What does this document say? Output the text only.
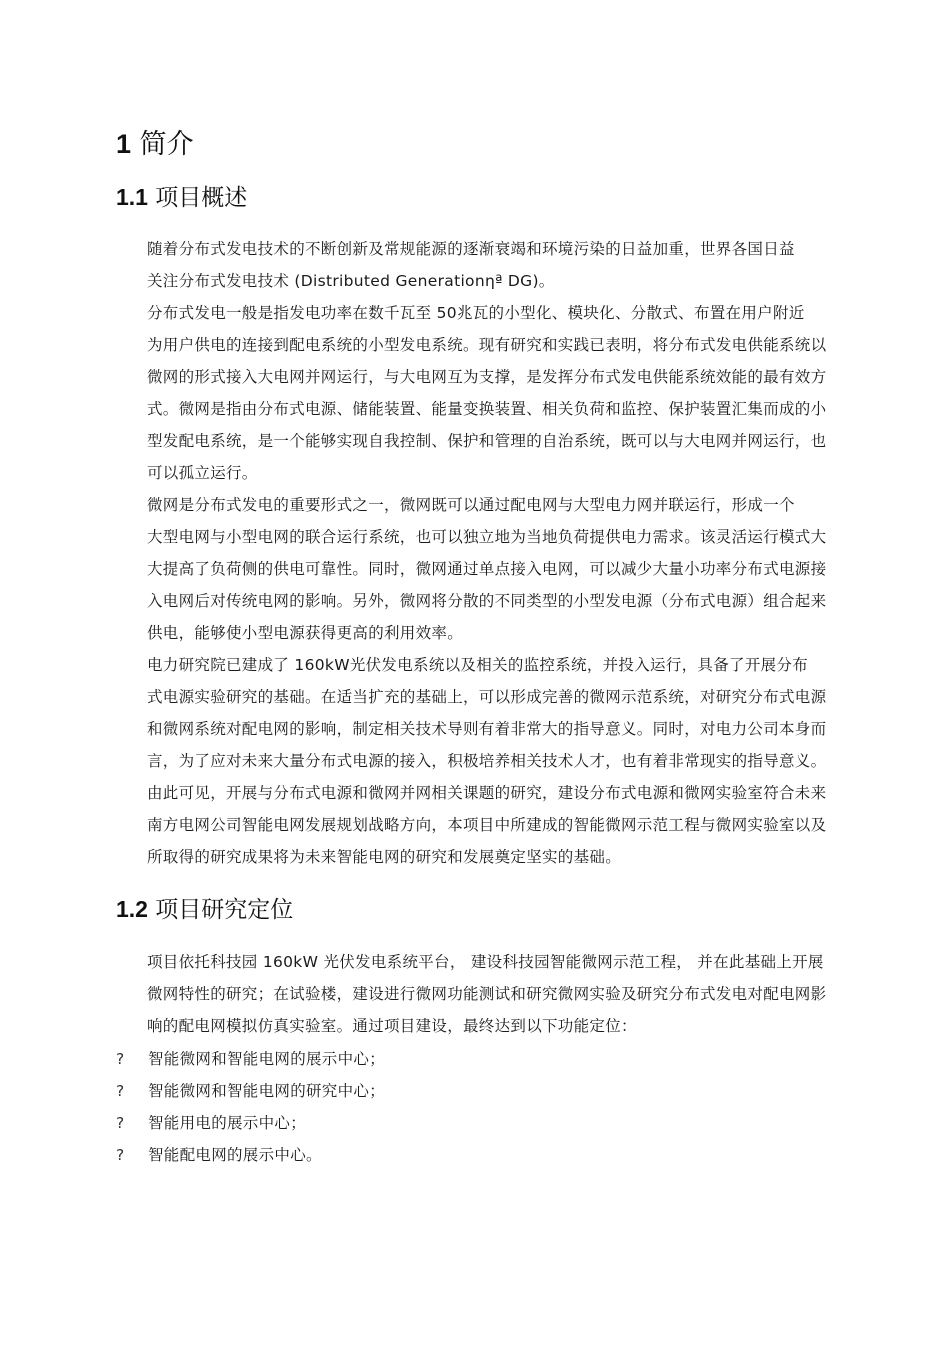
1 简介
1.1 项目概述

随着分布式发电技术的不断创新及常规能源的逐渐衰竭和环境污染的日益加重，世界各国日益
关注分布式发电技术 (Distributed Generationηª DG)。

分布式发电一般是指发电功率在数千瓦至 50兆瓦的小型化、模块化、分散式、布置在用户附近
为用户供电的连接到配电系统的小型发电系统。现有研究和实践已表明，将分布式发电供能系统以
微网的形式接入大电网并网运行，与大电网互为支撑，是发挥分布式发电供能系统效能的最有效方
式。微网是指由分布式电源、储能装置、能量变换装置、相关负荷和监控、保护装置汇集而成的小
型发配电系统，是一个能够实现自我控制、保护和管理的自治系统，既可以与大电网并网运行，也
可以孤立运行。

微网是分布式发电的重要形式之一，微网既可以通过配电网与大型电力网并联运行，形成一个
大型电网与小型电网的联合运行系统，也可以独立地为当地负荷提供电力需求。该灵活运行模式大
大提高了负荷侧的供电可靠性。同时，微网通过单点接入电网，可以减少大量小功率分布式电源接
入电网后对传统电网的影响。另外，微网将分散的不同类型的小型发电源（分布式电源）组合起来
供电，能够使小型电源获得更高的利用效率。

电力研究院已建成了 160kW光伏发电系统以及相关的监控系统，并投入运行，具备了开展分布
式电源实验研究的基础。在适当扩充的基础上，可以形成完善的微网示范系统，对研究分布式电源
和微网系统对配电网的影响，制定相关技术导则有着非常大的指导意义。同时，对电力公司本身而
言，为了应对未来大量分布式电源的接入，积极培养相关技术人才，也有着非常现实的指导意义。
由此可见，开展与分布式电源和微网并网相关课题的研究，建设分布式电源和微网实验室符合未来
南方电网公司智能电网发展规划战略方向，本项目中所建成的智能微网示范工程与微网实验室以及
所取得的研究成果将为未来智能电网的研究和发展奠定坚实的基础。

1.2 项目研究定位

项目依托科技园 160kW 光伏发电系统平台， 建设科技园智能微网示范工程， 并在此基础上开展
微网特性的研究；在试验楼，建设进行微网功能测试和研究微网实验及研究分布式发电对配电网影
响的配电网模拟仿真实验室。通过项目建设，最终达到以下功能定位：

? 智能微网和智能电网的展示中心；
? 智能微网和智能电网的研究中心；
? 智能用电的展示中心；
? 智能配电网的展示中心。
